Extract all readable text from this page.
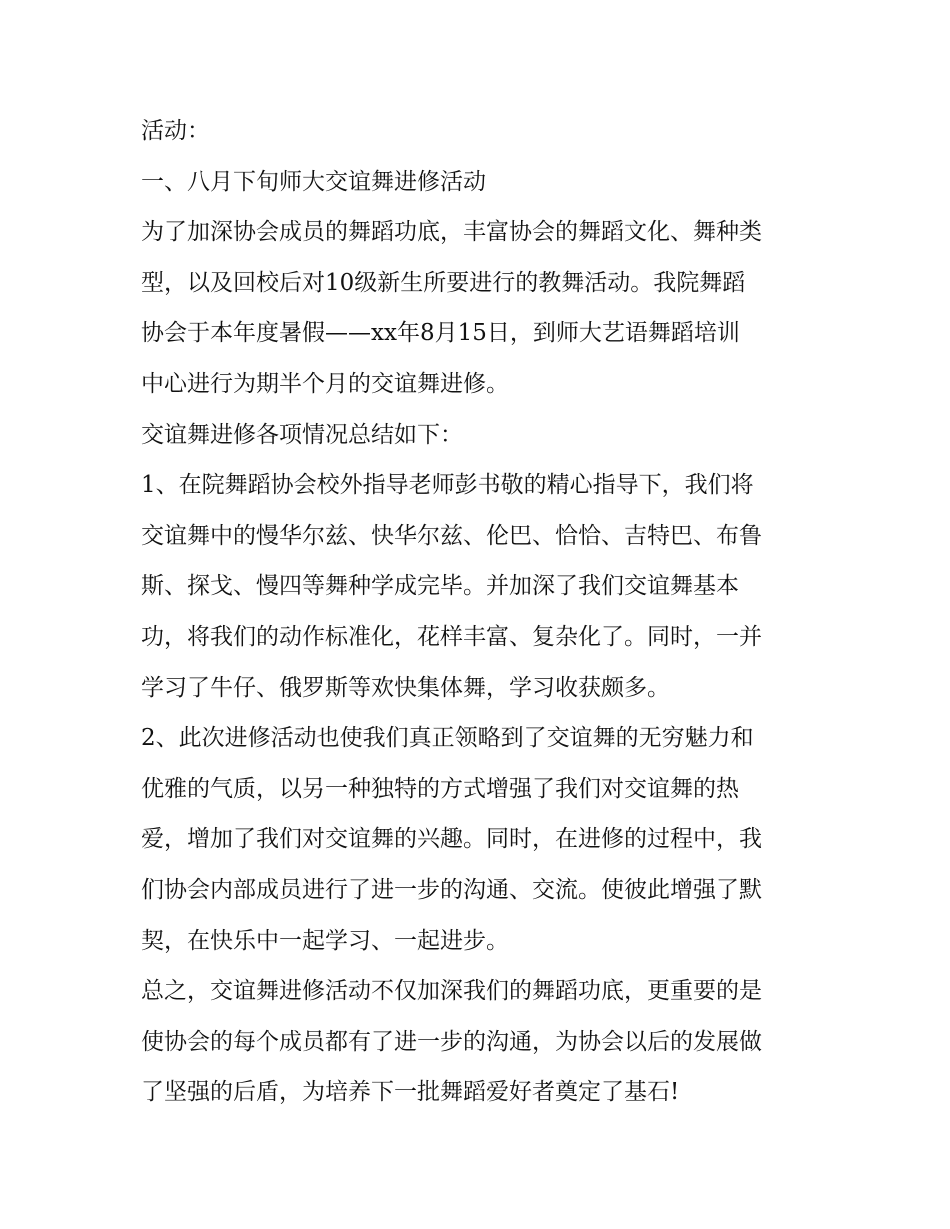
活动：
一、八月下旬师大交谊舞进修活动
为了加深协会成员的舞蹈功底，丰富协会的舞蹈文化、舞种类
型，以及回校后对10级新生所要进行的教舞活动。我院舞蹈
协会于本年度暑假——xx年8月15日，到师大艺语舞蹈培训
中心进行为期半个月的交谊舞进修。
交谊舞进修各项情况总结如下：
1、在院舞蹈协会校外指导老师彭书敬的精心指导下，我们将
交谊舞中的慢华尔兹、快华尔兹、伦巴、恰恰、吉特巴、布鲁
斯、探戈、慢四等舞种学成完毕。并加深了我们交谊舞基本
功，将我们的动作标准化，花样丰富、复杂化了。同时，一并
学习了牛仔、俄罗斯等欢快集体舞，学习收获颇多。
2、此次进修活动也使我们真正领略到了交谊舞的无穷魅力和
优雅的气质，以另一种独特的方式增强了我们对交谊舞的热
爱，增加了我们对交谊舞的兴趣。同时，在进修的过程中，我
们协会内部成员进行了进一步的沟通、交流。使彼此增强了默
契，在快乐中一起学习、一起进步。
总之，交谊舞进修活动不仅加深我们的舞蹈功底，更重要的是
使协会的每个成员都有了进一步的沟通，为协会以后的发展做
了坚强的后盾，为培养下一批舞蹈爱好者奠定了基石!
